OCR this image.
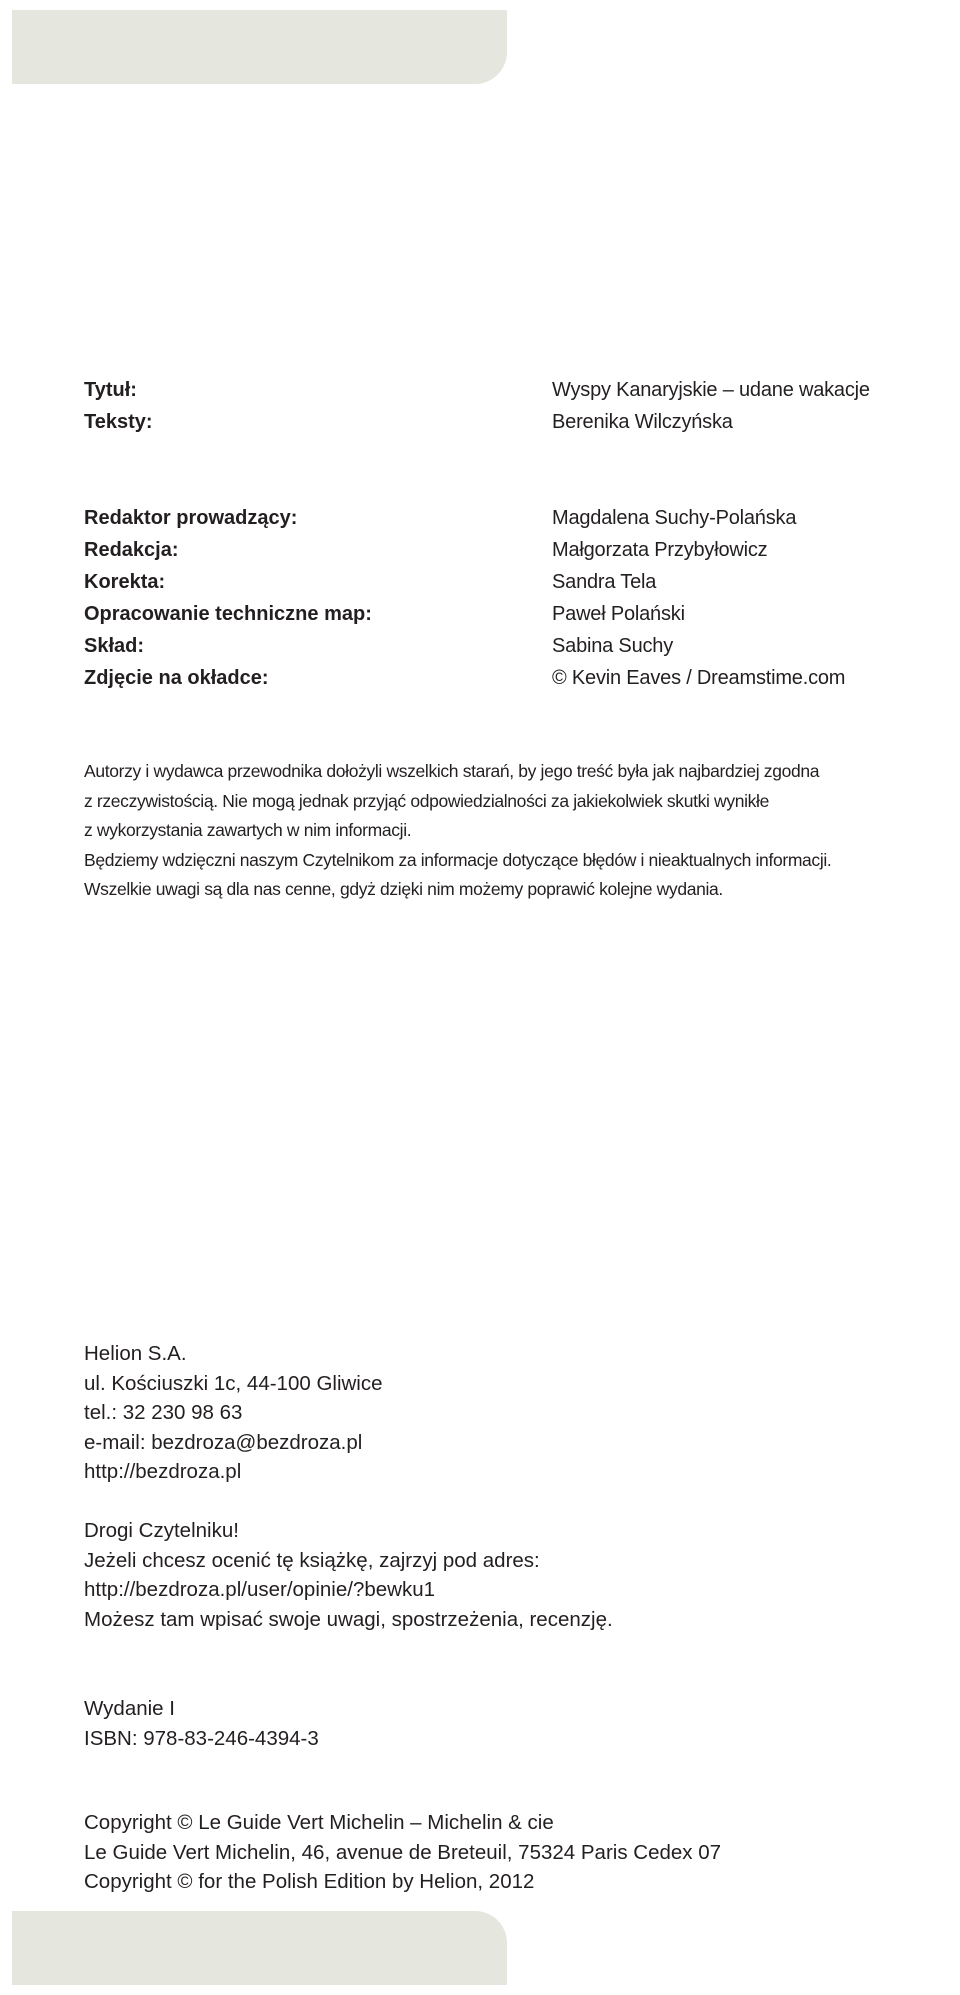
Tytuł:	Wyspy Kanaryjskie – udane wakacje
Teksty:	Berenika Wilczyńska
Redaktor prowadzący:	Magdalena Suchy-Polańska
Redakcja:	Małgorzata Przybyłowicz
Korekta:	Sandra Tela
Opracowanie techniczne map:	Paweł Polański
Skład:	Sabina Suchy
Zdjęcie na okładce:	© Kevin Eaves / Dreamstime.com
Autorzy i wydawca przewodnika dołożyli wszelkich starań, by jego treść była jak najbardziej zgodna
z rzeczywistością. Nie mogą jednak przyjąć odpowiedzialności za jakiekolwiek skutki wynikłe
z wykorzystania zawartych w nim informacji.
Będziemy wdzięczni naszym Czytelnikom za informacje dotyczące błędów i nieaktualnych informacji.
Wszelkie uwagi są dla nas cenne, gdyż dzięki nim możemy poprawić kolejne wydania.
Helion S.A.
ul. Kościuszki 1c, 44-100 Gliwice
tel.: 32 230 98 63
e-mail: bezdroza@bezdroza.pl
http://bezdroza.pl
Drogi Czytelniku!
Jeżeli chcesz ocenić tę książkę, zajrzyj pod adres:
http://bezdroza.pl/user/opinie/?bewku1
Możesz tam wpisać swoje uwagi, spostrzeżenia, recenzję.
Wydanie I
ISBN: 978-83-246-4394-3
Copyright © Le Guide Vert Michelin – Michelin & cie
Le Guide Vert Michelin, 46, avenue de Breteuil, 75324 Paris Cedex 07
Copyright © for the Polish Edition by Helion, 2012
